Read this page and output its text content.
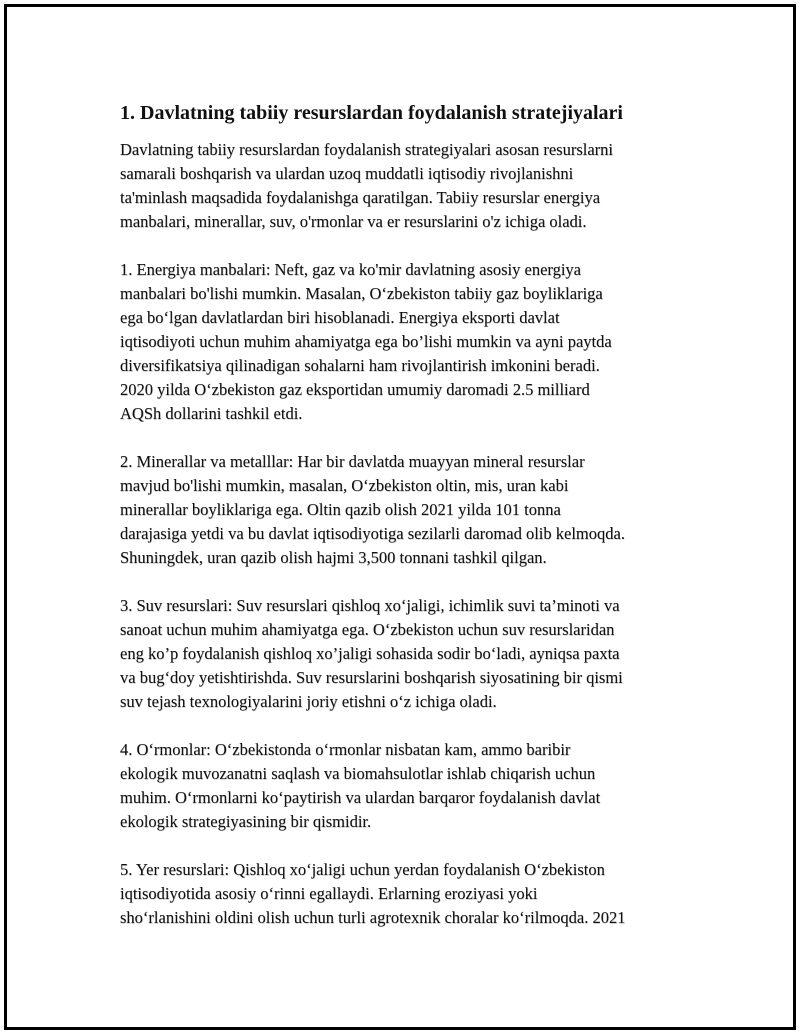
1. Davlatning tabiiy resurslardan foydalanish stratejiyalari

Davlatning tabiiy resurslardan foydalanish strategiyalari asosan resurslarni
samarali boshqarish va ulardan uzoq muddatli iqtisodiy rivojlanishni
ta'minlash maqsadida foydalanishga qaratilgan. Tabiiy resurslar energiya
manbalari, minerallar, suv, o'rmonlar va er resurslarini o'z ichiga oladi.

1. Energiya manbalari: Neft, gaz va ko'mir davlatning asosiy energiya
manbalari bo'lishi mumkin. Masalan, O‘zbekiston tabiiy gaz boyliklariga
ega bo‘lgan davlatlardan biri hisoblanadi. Energiya eksporti davlat
iqtisodiyoti uchun muhim ahamiyatga ega bo’lishi mumkin va ayni paytda
diversifikatsiya qilinadigan sohalarni ham rivojlantirish imkonini beradi.
2020 yilda O‘zbekiston gaz eksportidan umumiy daromadi 2.5 milliard
AQSh dollarini tashkil etdi.

2. Minerallar va metalllar: Har bir davlatda muayyan mineral resurslar
mavjud bo'lishi mumkin, masalan, O‘zbekiston oltin, mis, uran kabi
minerallar boyliklariga ega. Oltin qazib olish 2021 yilda 101 tonna
darajasiga yetdi va bu davlat iqtisodiyotiga sezilarli daromad olib kelmoqda.
Shuningdek, uran qazib olish hajmi 3,500 tonnani tashkil qilgan.

3. Suv resurslari: Suv resurslari qishloq xo‘jaligi, ichimlik suvi ta’minoti va
sanoat uchun muhim ahamiyatga ega. O‘zbekiston uchun suv resurslaridan
eng ko’p foydalanish qishloq xo’jaligi sohasida sodir bo‘ladi, ayniqsa paxta
va bug‘doy yetishtirishda. Suv resurslarini boshqarish siyosatining bir qismi
suv tejash texnologiyalarini joriy etishni o‘z ichiga oladi.

4. O‘rmonlar: O‘zbekistonda o‘rmonlar nisbatan kam, ammo baribir
ekologik muvozanatni saqlash va biomahsulotlar ishlab chiqarish uchun
muhim. O‘rmonlarni ko‘paytirish va ulardan barqaror foydalanish davlat
ekologik strategiyasining bir qismidir.

5. Yer resurslari: Qishloq xo‘jaligi uchun yerdan foydalanish O‘zbekiston
iqtisodiyotida asosiy o‘rinni egallaydi. Erlarning eroziyasi yoki
sho‘rlanishini oldini olish uchun turli agrotexnik choralar ko‘rilmoqda. 2021
